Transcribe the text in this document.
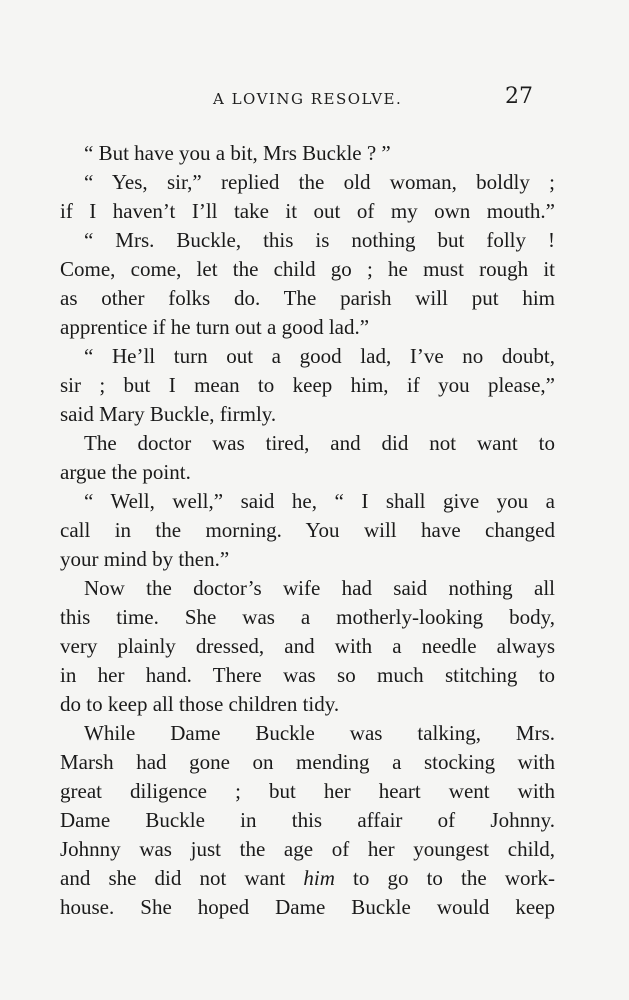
A LOVING RESOLVE.	27
“ But have you a bit, Mrs Buckle ? ”
“ Yes, sir,” replied the old woman, boldly ;
if I haven’t I’ll take it out of my own mouth.”
“ Mrs. Buckle, this is nothing but folly !
Come, come, let the child go ; he must rough it
as other folks do. The parish will put him
apprentice if he turn out a good lad.”
“ He’ll turn out a good lad, I’ve no doubt,
sir ; but I mean to keep him, if you please,”
said Mary Buckle, firmly.
The doctor was tired, and did not want to
argue the point.
“ Well, well,” said he, “ I shall give you a
call in the morning. You will have changed
your mind by then.”
Now the doctor’s wife had said nothing all
this time. She was a motherly-looking body,
very plainly dressed, and with a needle always
in her hand. There was so much stitching to
do to keep all those children tidy.
While Dame Buckle was talking, Mrs.
Marsh had gone on mending a stocking with
great diligence ; but her heart went with
Dame Buckle in this affair of Johnny.
Johnny was just the age of her youngest child,
and she did not want him to go to the work-
house. She hoped Dame Buckle would keep
